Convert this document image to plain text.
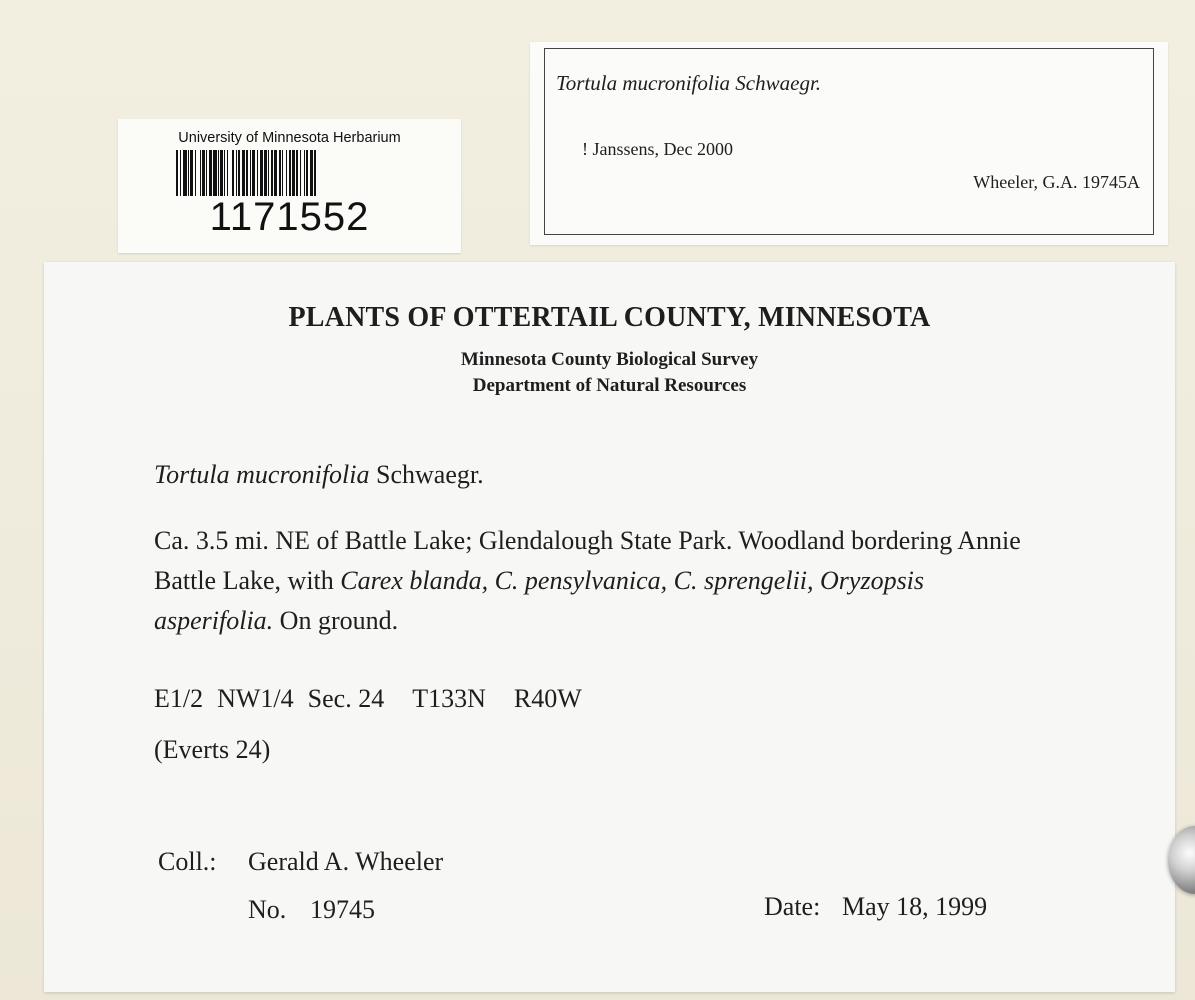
University of Minnesota Herbarium
1171552
Tortula mucronifolia Schwaegr.
! Janssens, Dec 2000
Wheeler, G.A. 19745A
PLANTS OF OTTERTAIL COUNTY, MINNESOTA
Minnesota County Biological Survey
Department of Natural Resources
Tortula mucronifolia Schwaegr.
Ca. 3.5 mi. NE of Battle Lake; Glendalough State Park. Woodland bordering Annie Battle Lake, with Carex blanda, C. pensylvanica, C. sprengelii, Oryzopsis asperifolia. On ground.
E1/2 NW1/4 Sec. 24 T133N R40W
(Everts 24)
Coll.: Gerald A. Wheeler
No. 19745	Date: May 18, 1999
